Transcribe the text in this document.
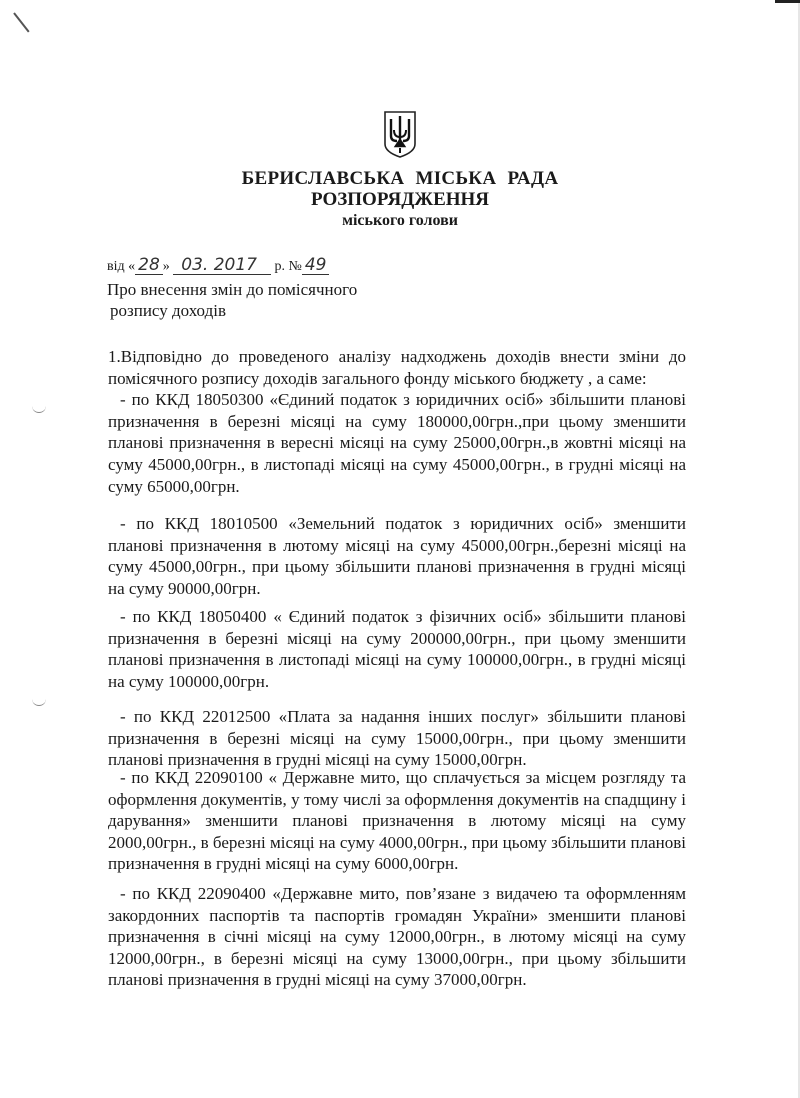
БЕРИСЛАВСЬКА МІСЬКА РАДА
РОЗПОРЯДЖЕННЯ
міського голови
від « 28 » 03. 2017 р. № 49
Про внесення змін до помісячного
розпису доходів

1.Відповідно до проведеного аналізу надходжень доходів внести зміни до помісячного розпису доходів загального фонду міського бюджету , а саме:

- по ККД 18050300 «Єдиний податок з юридичних осіб» збільшити планові призначення в березні місяці на суму 180000,00грн.,при цьому зменшити планові призначення в вересні місяці на суму 25000,00грн.,в жовтні місяці на суму 45000,00грн., в листопаді місяці на суму 45000,00грн., в грудні місяці на суму 65000,00грн.

- по ККД 18010500 «Земельний податок з юридичних осіб» зменшити планові призначення в лютому місяці на суму 45000,00грн.,березні місяці на суму 45000,00грн., при цьому збільшити планові призначення в грудні місяці на суму 90000,00грн.

- по ККД 18050400 « Єдиний податок з фізичних осіб» збільшити планові призначення в березні місяці на суму 200000,00грн., при цьому зменшити планові призначення в листопаді місяці на суму 100000,00грн., в грудні місяці на суму 100000,00грн.

- по ККД 22012500 «Плата за надання інших послуг» збільшити планові призначення в березні місяці на суму 15000,00грн., при цьому зменшити планові призначення в грудні місяці на суму 15000,00грн.

- по ККД 22090100 « Державне мито, що сплачується за місцем розгляду та оформлення документів, у тому числі за оформлення документів на спадщину і дарування» зменшити планові призначення в лютому місяці на суму 2000,00грн., в березні місяці на суму 4000,00грн., при цьому збільшити планові призначення в грудні місяці на суму 6000,00грн.

- по ККД 22090400 «Державне мито, пов’язане з видачею та оформленням закордонних паспортів та паспортів громадян України» зменшити планові призначення в січні місяці на суму 12000,00грн., в лютому місяці на суму 12000,00грн., в березні місяці на суму 13000,00грн., при цьому збільшити планові призначення в грудні місяці на суму 37000,00грн.
